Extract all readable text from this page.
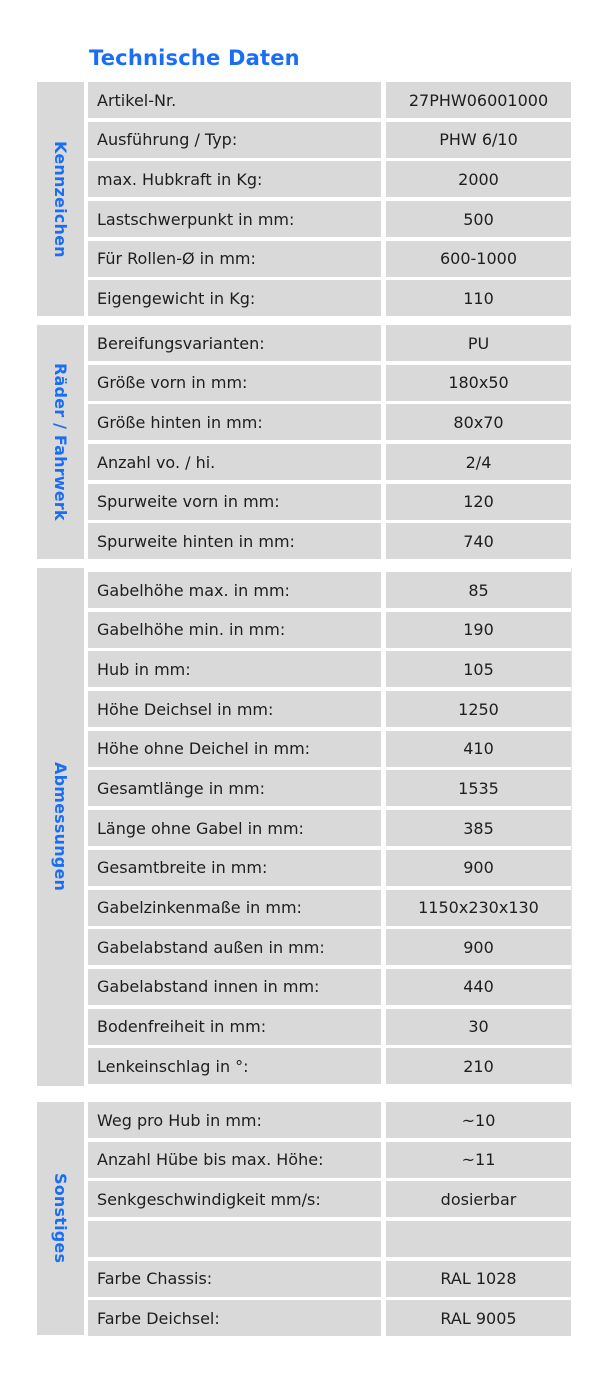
Technische Daten
Kennzeichen
Artikel-Nr.	27PHW06001000
Ausführung / Typ:	PHW 6/10
max. Hubkraft in Kg:	2000
Lastschwerpunkt in mm:	500
Für Rollen-Ø in mm:	600-1000
Eigengewicht in Kg:	110
Räder / Fahrwerk
Bereifungsvarianten:	PU
Größe vorn in mm:	180x50
Größe hinten in mm:	80x70
Anzahl vo. / hi.	2/4
Spurweite vorn in mm:	120
Spurweite hinten in mm:	740
Abmessungen
Gabelhöhe max. in mm:	85
Gabelhöhe min. in mm:	190
Hub in mm:	105
Höhe Deichsel in mm:	1250
Höhe ohne Deichel in mm:	410
Gesamtlänge in mm:	1535
Länge ohne Gabel in mm:	385
Gesamtbreite in mm:	900
Gabelzinkenmaße in mm:	1150x230x130
Gabelabstand außen in mm:	900
Gabelabstand innen in mm:	440
Bodenfreiheit in mm:	30
Lenkeinschlag in °:	210
Sonstiges
Weg pro Hub in mm:	~10
Anzahl Hübe bis max. Höhe:	~11
Senkgeschwindigkeit mm/s:	dosierbar
Farbe Chassis:	RAL 1028
Farbe Deichsel:	RAL 9005
